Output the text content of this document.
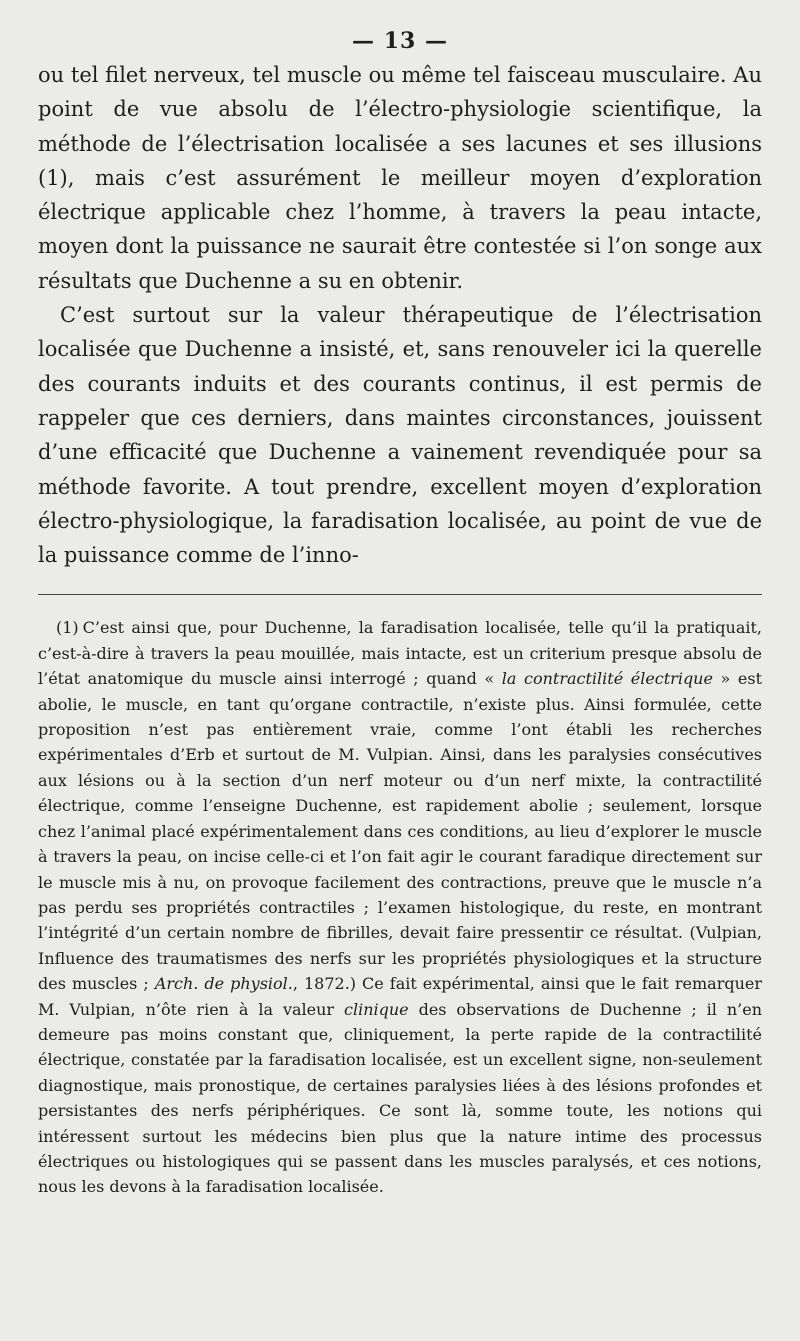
— 13 —

ou tel filet nerveux, tel muscle ou même tel faisceau musculaire. Au point de vue absolu de l’électro-physiologie scientifique, la méthode de l’électrisation localisée a ses lacunes et ses illusions (1), mais c’est assurément le meilleur moyen d’exploration électrique applicable chez l’homme, à travers la peau intacte, moyen dont la puissance ne saurait être contestée si l’on songe aux résultats que Duchenne a su en obtenir.

C’est surtout sur la valeur thérapeutique de l’électrisation localisée que Duchenne a insisté, et, sans renouveler ici la querelle des courants induits et des courants continus, il est permis de rappeler que ces derniers, dans maintes circonstances, jouissent d’une efficacité que Duchenne a vainement revendiquée pour sa méthode favorite. A tout prendre, excellent moyen d’exploration électro-physiologique, la faradisation localisée, au point de vue de la puissance comme de l’inno-

(1) C’est ainsi que, pour Duchenne, la faradisation localisée, telle qu’il la pratiquait, c’est-à-dire à travers la peau mouillée, mais intacte, est un criterium presque absolu de l’état anatomique du muscle ainsi interrogé ; quand « la contractilité électrique » est abolie, le muscle, en tant qu’organe contractile, n’existe plus. Ainsi formulée, cette proposition n’est pas entièrement vraie, comme l’ont établi les recherches expérimentales d’Erb et surtout de M. Vulpian. Ainsi, dans les paralysies consécutives aux lésions ou à la section d’un nerf moteur ou d’un nerf mixte, la contractilité électrique, comme l’enseigne Duchenne, est rapidement abolie ; seulement, lorsque chez l’animal placé expérimentalement dans ces conditions, au lieu d’explorer le muscle à travers la peau, on incise celle-ci et l’on fait agir le courant faradique directement sur le muscle mis à nu, on provoque facilement des contractions, preuve que le muscle n’a pas perdu ses propriétés contractiles ; l’examen histologique, du reste, en montrant l’intégrité d’un certain nombre de fibrilles, devait faire pressentir ce résultat. (Vulpian, Influence des traumatismes des nerfs sur les propriétés physiologiques et la structure des muscles ; Arch. de physiol., 1872.) Ce fait expérimental, ainsi que le fait remarquer M. Vulpian, n’ôte rien à la valeur clinique des observations de Duchenne ; il n’en demeure pas moins constant que, cliniquement, la perte rapide de la contractilité électrique, constatée par la faradisation localisée, est un excellent signe, non-seulement diagnostique, mais pronostique, de certaines paralysies liées à des lésions profondes et persistantes des nerfs périphériques. Ce sont là, somme toute, les notions qui intéressent surtout les médecins bien plus que la nature intime des processus électriques ou histologiques qui se passent dans les muscles paralysés, et ces notions, nous les devons à la faradisation localisée.
